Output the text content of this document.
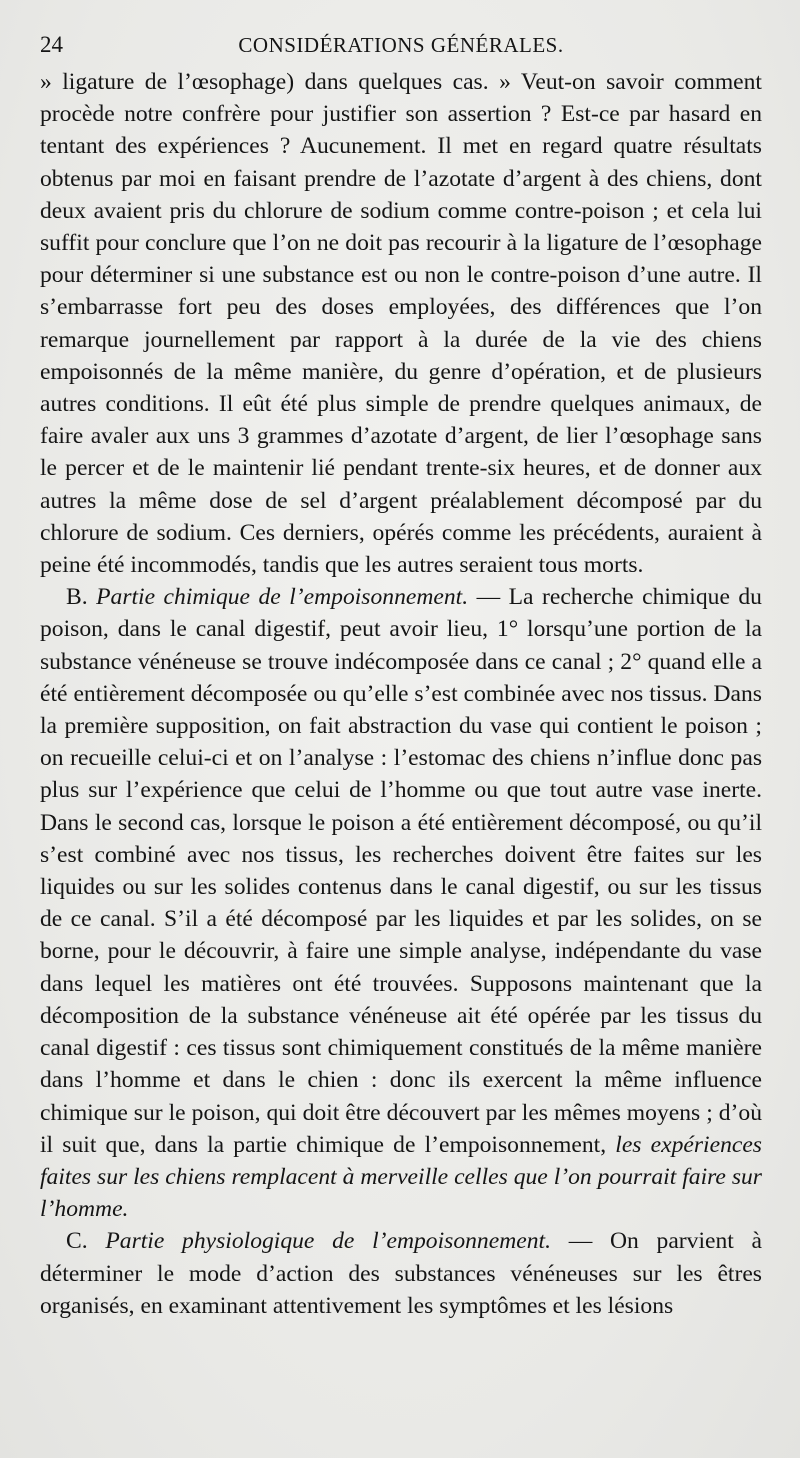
24	CONSIDÉRATIONS GÉNÉRALES.

» ligature de l’œsophage) dans quelques cas. » Veut-on savoir comment procède notre confrère pour justifier son assertion ? Est-ce par hasard en tentant des expériences ? Aucunement. Il met en regard quatre résultats obtenus par moi en faisant prendre de l’azotate d’argent à des chiens, dont deux avaient pris du chlorure de sodium comme contre-poison ; et cela lui suffit pour conclure que l’on ne doit pas recourir à la ligature de l’œsophage pour déterminer si une substance est ou non le contre-poison d’une autre. Il s’embarrasse fort peu des doses employées, des différences que l’on remarque journellement par rapport à la durée de la vie des chiens empoisonnés de la même manière, du genre d’opération, et de plusieurs autres conditions. Il eût été plus simple de prendre quelques animaux, de faire avaler aux uns 3 grammes d’azotate d’argent, de lier l’œsophage sans le percer et de le maintenir lié pendant trente-six heures, et de donner aux autres la même dose de sel d’argent préalablement décomposé par du chlorure de sodium. Ces derniers, opérés comme les précédents, auraient à peine été incommodés, tandis que les autres seraient tous morts.

B. Partie chimique de l’empoisonnement. — La recherche chimique du poison, dans le canal digestif, peut avoir lieu, 1° lorsqu’une portion de la substance vénéneuse se trouve indécomposée dans ce canal ; 2° quand elle a été entièrement décomposée ou qu’elle s’est combinée avec nos tissus. Dans la première supposition, on fait abstraction du vase qui contient le poison ; on recueille celui-ci et on l’analyse : l’estomac des chiens n’influe donc pas plus sur l’expérience que celui de l’homme ou que tout autre vase inerte. Dans le second cas, lorsque le poison a été entièrement décomposé, ou qu’il s’est combiné avec nos tissus, les recherches doivent être faites sur les liquides ou sur les solides contenus dans le canal digestif, ou sur les tissus de ce canal. S’il a été décomposé par les liquides et par les solides, on se borne, pour le découvrir, à faire une simple analyse, indépendante du vase dans lequel les matières ont été trouvées. Supposons maintenant que la décomposition de la substance vénéneuse ait été opérée par les tissus du canal digestif : ces tissus sont chimiquement constitués de la même manière dans l’homme et dans le chien : donc ils exercent la même influence chimique sur le poison, qui doit être découvert par les mêmes moyens ; d’où il suit que, dans la partie chimique de l’empoisonnement, les expériences faites sur les chiens remplacent à merveille celles que l’on pourrait faire sur l’homme.

C. Partie physiologique de l’empoisonnement. — On parvient à déterminer le mode d’action des substances vénéneuses sur les êtres organisés, en examinant attentivement les symptômes et les lésions
